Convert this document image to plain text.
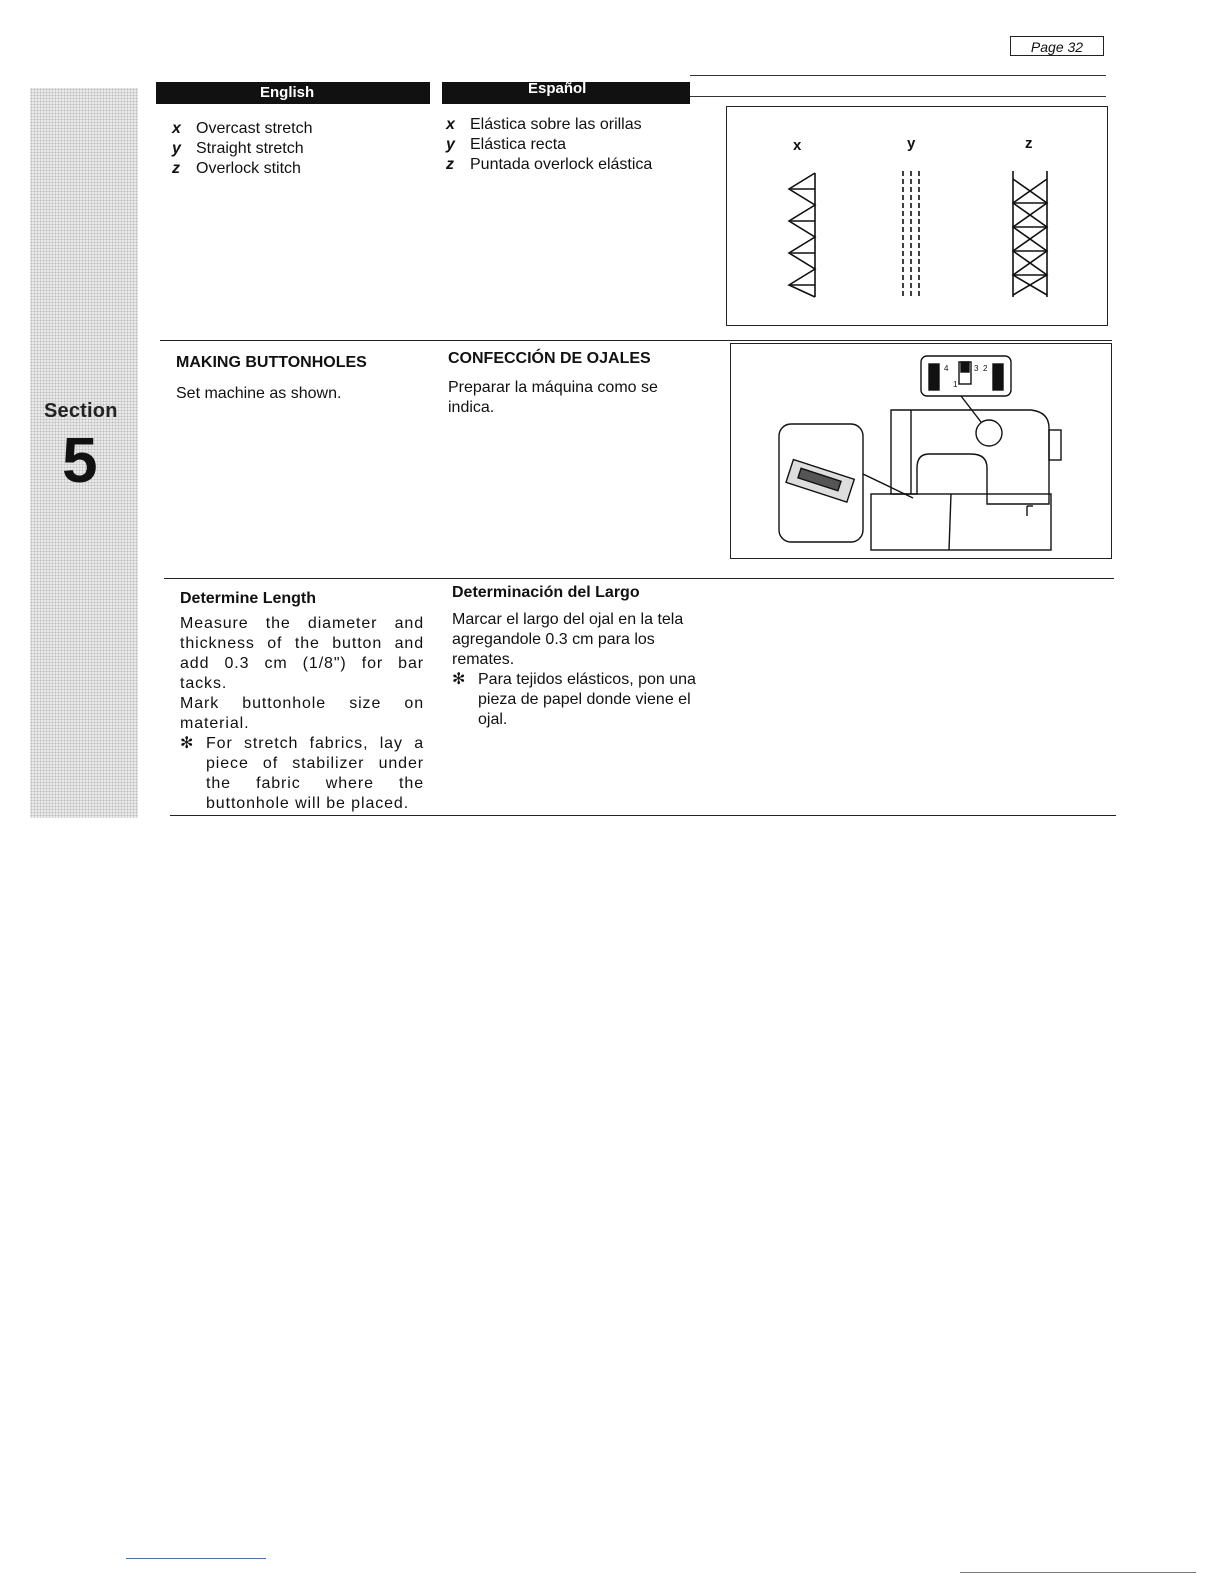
Page 32
Section
5
English	Español
x Overcast stretch
y Straight stretch
z	Overlock stitch
x Elástica sobre las orillas
y Elástica recta
z	Puntada overlock elástica
x	y	z
MAKING BUTTONHOLES
Set machine as shown.
CONFECCIÓN DE OJALES
Preparar la máquina como se indica.
4	3 2
1
Determine Length
Measure the diameter and thickness of the button and add 0.3 cm (1/8") for bar tacks.
Mark buttonhole size on material.
✻ For stretch fabrics, lay a piece of stabilizer under the fabric where the buttonhole will be placed.
Determinación del Largo
Marcar el largo del ojal en la tela agregandole 0.3 cm para los remates.
✻ Para tejidos elásticos, pon una pieza de papel donde viene el ojal.
